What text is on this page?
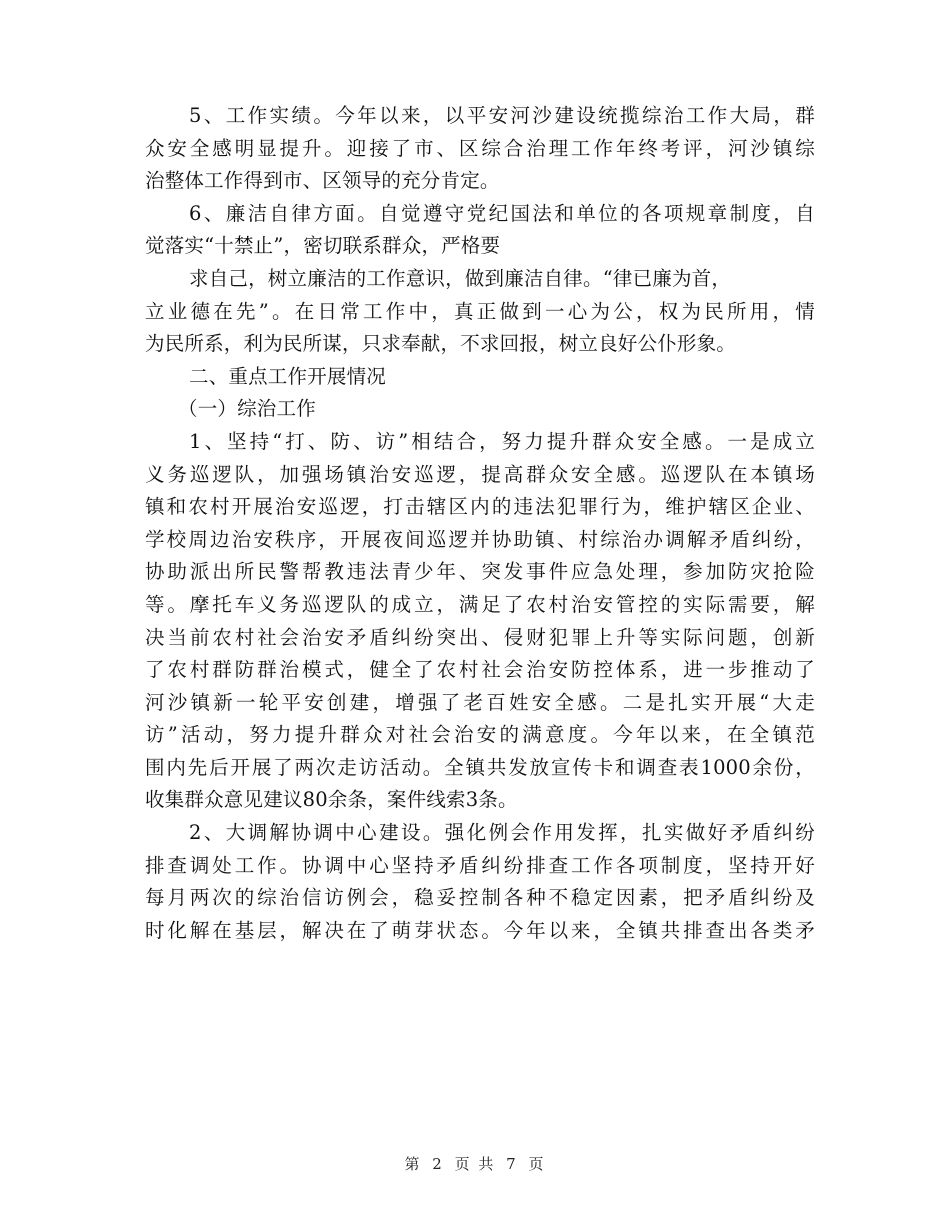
5、工作实绩。今年以来，以平安河沙建设统揽综治工作大局，群
众安全感明显提升。迎接了市、区综合治理工作年终考评，河沙镇综
治整体工作得到市、区领导的充分肯定。
6、廉洁自律方面。自觉遵守党纪国法和单位的各项规章制度，自
觉落实“十禁止”，密切联系群众，严格要
求自己，树立廉洁的工作意识，做到廉洁自律。“律已廉为首，
立业德在先”。在日常工作中，真正做到一心为公，权为民所用，情
为民所系，利为民所谋，只求奉献，不求回报，树立良好公仆形象。
二、重点工作开展情况
（一）综治工作
1、坚持“打、防、访”相结合，努力提升群众安全感。一是成立
义务巡逻队，加强场镇治安巡逻，提高群众安全感。巡逻队在本镇场
镇和农村开展治安巡逻，打击辖区内的违法犯罪行为，维护辖区企业、
学校周边治安秩序，开展夜间巡逻并协助镇、村综治办调解矛盾纠纷，
协助派出所民警帮教违法青少年、突发事件应急处理，参加防灾抢险
等。摩托车义务巡逻队的成立，满足了农村治安管控的实际需要，解
决当前农村社会治安矛盾纠纷突出、侵财犯罪上升等实际问题，创新
了农村群防群治模式，健全了农村社会治安防控体系，进一步推动了
河沙镇新一轮平安创建，增强了老百姓安全感。二是扎实开展“大走
访”活动，努力提升群众对社会治安的满意度。今年以来，在全镇范
围内先后开展了两次走访活动。全镇共发放宣传卡和调查表1000余份，
收集群众意见建议80余条，案件线索3条。
2、大调解协调中心建设。强化例会作用发挥，扎实做好矛盾纠纷
排查调处工作。协调中心坚持矛盾纠纷排查工作各项制度，坚持开好
每月两次的综治信访例会，稳妥控制各种不稳定因素，把矛盾纠纷及
时化解在基层，解决在了萌芽状态。今年以来，全镇共排查出各类矛
第 2 页 共 7 页
